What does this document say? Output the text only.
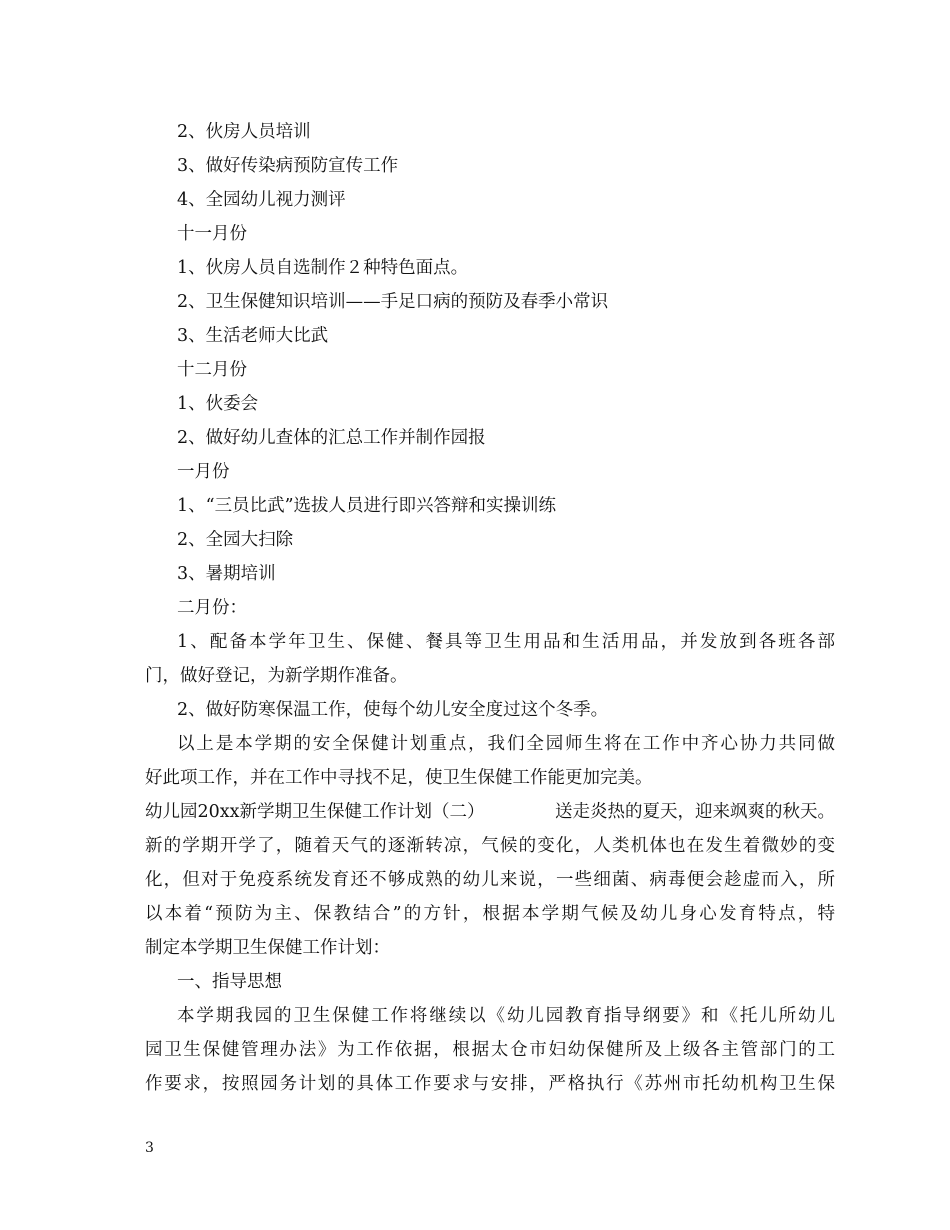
2、伙房人员培训
3、做好传染病预防宣传工作
4、全园幼儿视力测评
十一月份
1、伙房人员自选制作２种特色面点。
2、卫生保健知识培训——手足口病的预防及春季小常识
3、生活老师大比武
十二月份
1、伙委会
2、做好幼儿查体的汇总工作并制作园报
一月份
1、“三员比武”选拔人员进行即兴答辩和实操训练
2、全园大扫除
3、暑期培训
二月份：
1、配备本学年卫生、保健、餐具等卫生用品和生活用品，并发放到各班各部
门，做好登记，为新学期作准备。
2、做好防寒保温工作，使每个幼儿安全度过这个冬季。
以上是本学期的安全保健计划重点，我们全园师生将在工作中齐心协力共同做
好此项工作，并在工作中寻找不足，使卫生保健工作能更加完美。
幼儿园20xx新学期卫生保健工作计划（二）	送走炎热的夏天，迎来飒爽的秋天。
新的学期开学了，随着天气的逐渐转凉，气候的变化，人类机体也在发生着微妙的变
化，但对于免疫系统发育还不够成熟的幼儿来说，一些细菌、病毒便会趁虚而入，所
以本着“预防为主、保教结合”的方针，根据本学期气候及幼儿身心发育特点，特
制定本学期卫生保健工作计划：
一、指导思想
本学期我园的卫生保健工作将继续以《幼儿园教育指导纲要》和《托儿所幼儿
园卫生保健管理办法》为工作依据，根据太仓市妇幼保健所及上级各主管部门的工
作要求，按照园务计划的具体工作要求与安排，严格执行《苏州市托幼机构卫生保
3
